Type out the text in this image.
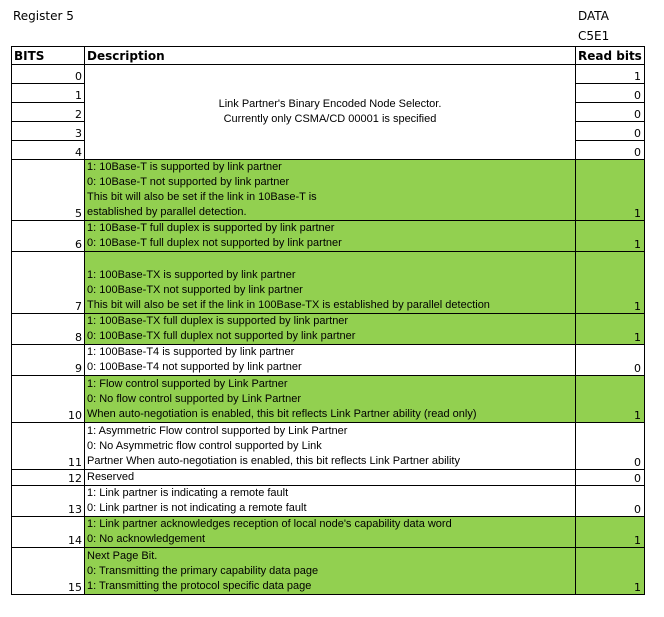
Register 5	DATA
C5E1
BITS	Description	Read bits
0	Link Partner's Binary Encoded Node Selector.
Currently only CSMA/CD 00001 is specified	1
1		0
2		0
3		0
4		0
5	1: 10Base-T is supported by link partner
0: 10Base-T not supported by link partner
This bit will also be set if the link in 10Base-T is
established by parallel detection.	1
6	1: 10Base-T full duplex is supported by link partner
0: 10Base-T full duplex not supported by link partner	1
7	1: 100Base-TX is supported by link partner
0: 100Base-TX not supported by link partner
This bit will also be set if the link in 100Base-TX is established by parallel detection	1
8	1: 100Base-TX full duplex is supported by link partner
0: 100Base-TX full duplex not supported by link partner	1
9	1: 100Base-T4 is supported by link partner
0: 100Base-T4 not supported by link partner	0
10	1: Flow control supported by Link Partner
0: No flow control supported by Link Partner
When auto-negotiation is enabled, this bit reflects Link Partner ability (read only)	1
11	1: Asymmetric Flow control supported by Link Partner
0: No Asymmetric flow control supported by Link
Partner When auto-negotiation is enabled, this bit reflects Link Partner ability	0
12	Reserved	0
13	1: Link partner is indicating a remote fault
0: Link partner is not indicating a remote fault	0
14	1: Link partner acknowledges reception of local node's capability data word
0: No acknowledgement	1
15	Next Page Bit.
0: Transmitting the primary capability data page
1: Transmitting the protocol specific data page	1
